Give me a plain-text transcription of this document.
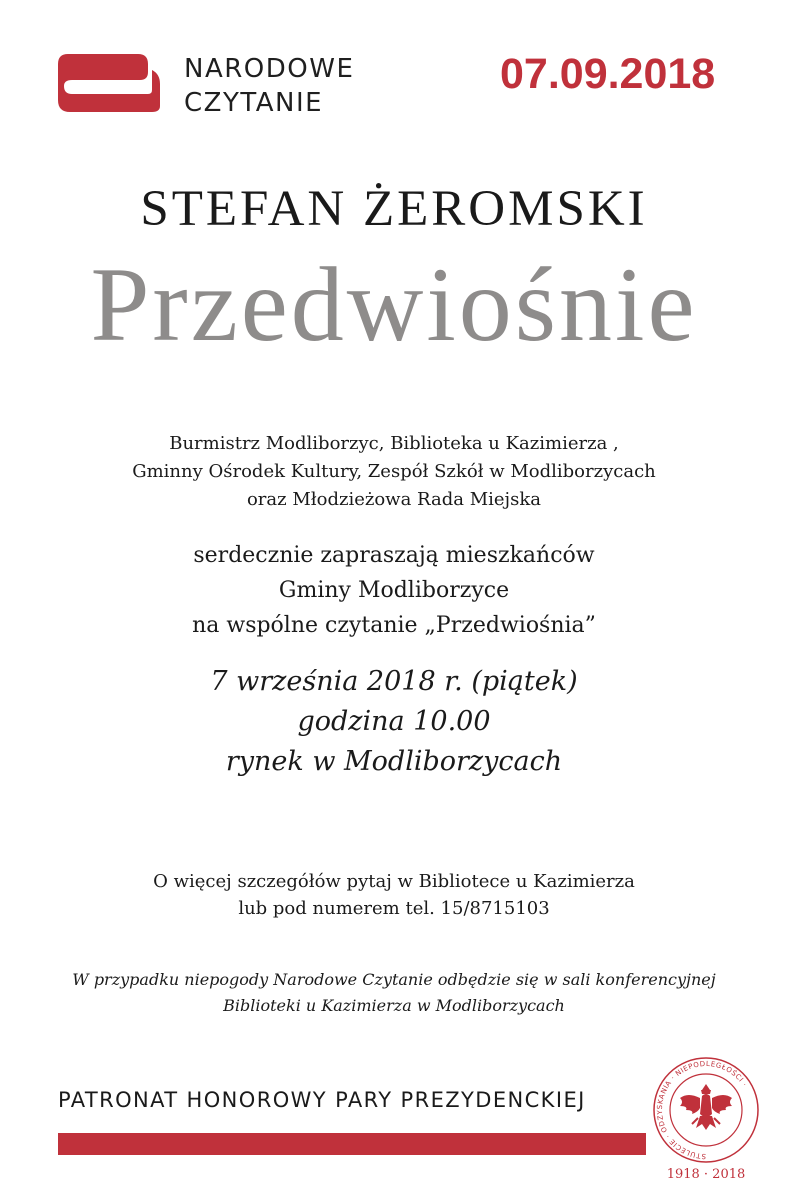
NARODOWE
CZYTANIE
07.09.2018
STEFAN ŻEROMSKI
Przedwiośnie
Burmistrz Modliborzyc, Biblioteka u Kazimierza ,
Gminny Ośrodek Kultury, Zespół Szkół w Modliborzycach
oraz Młodzieżowa Rada Miejska
serdecznie zapraszają mieszkańców
Gminy Modliborzyce
na wspólne czytanie „Przedwiośnia”
7 września 2018 r. (piątek)
godzina 10.00
rynek w Modliborzycach
O więcej szczegółów pytaj w Bibliotece u Kazimierza
lub pod numerem tel. 15/8715103
W przypadku niepogody Narodowe Czytanie odbędzie się w sali konferencyjnej
Biblioteki u Kazimierza w Modliborzycach
PATRONAT HONOROWY PARY PREZYDENCKIEJ
STULECIE · ODZYSKANIA · NIEPODLEGŁOŚCI ·
1918 · 2018
